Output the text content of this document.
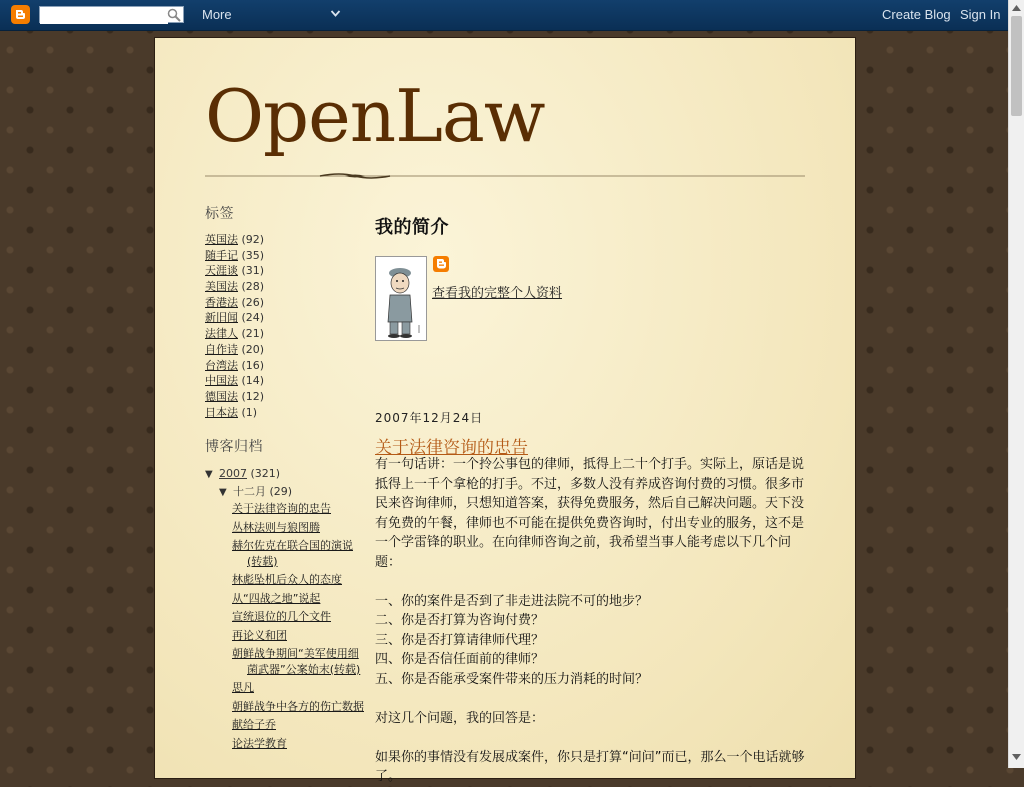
More	Create Blog Sign In
OpenLaw
标签
英国法 (92)
随手记 (35)
天涯谈 (31)
美国法 (28)
香港法 (26)
新旧闻 (24)
法律人 (21)
自作诗 (20)
台湾法 (16)
中国法 (14)
德国法 (12)
日本法 (1)
博客归档
▼ 2007 (321)
▼ 十二月 (29)
关于法律咨询的忠告
丛林法则与狼图腾
赫尔佐克在联合国的演说(转载)
林彪坠机后众人的态度
从“四战之地”说起
宣统退位的几个文件
再论义和团
朝鲜战争期间“美军使用细菌武器”公案始末(转载)
思凡
朝鲜战争中各方的伤亡数据
献给子乔
论法学教育
我的简介
查看我的完整个人资料
2007年12月24日
关于法律咨询的忠告

有一句话讲：一个拎公事包的律师，抵得上二十个打手。实际上，原话是说抵得上一千个拿枪的打手。不过，多数人没有养成咨询付费的习惯。很多市民来咨询律师，只想知道答案，获得免费服务，然后自己解决问题。天下没有免费的午餐，律师也不可能在提供免费咨询时，付出专业的服务，这不是一个学雷锋的职业。在向律师咨询之前，我希望当事人能考虑以下几个问题：

一、你的案件是否到了非走进法院不可的地步？

二、你是否打算为咨询付费？

三、你是否打算请律师代理？

四、你是否信任面前的律师？

五、你是否能承受案件带来的压力消耗的时间？

对这几个问题，我的回答是：

如果你的事情没有发展成案件，你只是打算“问问”而已，那么一个电话就够了。
